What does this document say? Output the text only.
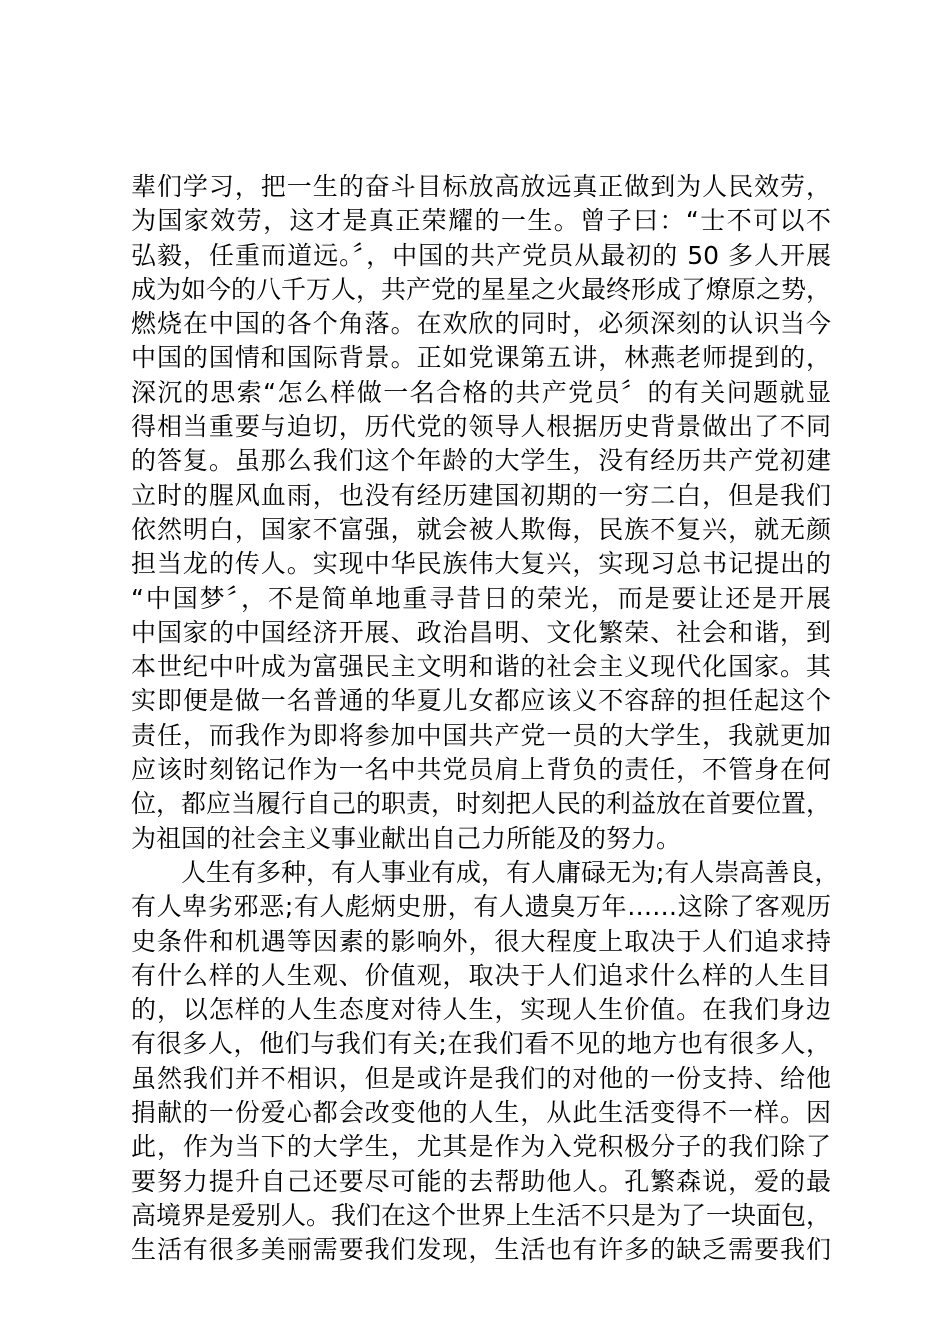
辈们学习，把一生的奋斗目标放高放远真正做到为人民效劳，
为国家效劳，这才是真正荣耀的一生。曾子曰：“士不可以不
弘毅，任重而道远。〞，中国的共产党员从最初的 50 多人开展
成为如今的八千万人，共产党的星星之火最终形成了燎原之势，
燃烧在中国的各个角落。在欢欣的同时，必须深刻的认识当今
中国的国情和国际背景。正如党课第五讲，林燕老师提到的，
深沉的思索“怎么样做一名合格的共产党员〞的有关问题就显
得相当重要与迫切，历代党的领导人根据历史背景做出了不同
的答复。虽那么我们这个年龄的大学生，没有经历共产党初建
立时的腥风血雨，也没有经历建国初期的一穷二白，但是我们
依然明白，国家不富强，就会被人欺侮，民族不复兴，就无颜
担当龙的传人。实现中华民族伟大复兴，实现习总书记提出的
“中国梦〞，不是简单地重寻昔日的荣光，而是要让还是开展
中国家的中国经济开展、政治昌明、文化繁荣、社会和谐，到
本世纪中叶成为富强民主文明和谐的社会主义现代化国家。其
实即便是做一名普通的华夏儿女都应该义不容辞的担任起这个
责任，而我作为即将参加中国共产党一员的大学生，我就更加
应该时刻铭记作为一名中共党员肩上背负的责任，不管身在何
位，都应当履行自己的职责，时刻把人民的利益放在首要位置，
为祖国的社会主义事业献出自己力所能及的努力。
人生有多种，有人事业有成，有人庸碌无为;有人崇高善良，
有人卑劣邪恶;有人彪炳史册，有人遗臭万年……这除了客观历
史条件和机遇等因素的影响外，很大程度上取决于人们追求持
有什么样的人生观、价值观，取决于人们追求什么样的人生目
的，以怎样的人生态度对待人生，实现人生价值。在我们身边
有很多人，他们与我们有关;在我们看不见的地方也有很多人，
虽然我们并不相识，但是或许是我们的对他的一份支持、给他
捐献的一份爱心都会改变他的人生，从此生活变得不一样。因
此，作为当下的大学生，尤其是作为入党积极分子的我们除了
要努力提升自己还要尽可能的去帮助他人。孔繁森说，爱的最
高境界是爱别人。我们在这个世界上生活不只是为了一块面包，
生活有很多美丽需要我们发现，生活也有许多的缺乏需要我们
